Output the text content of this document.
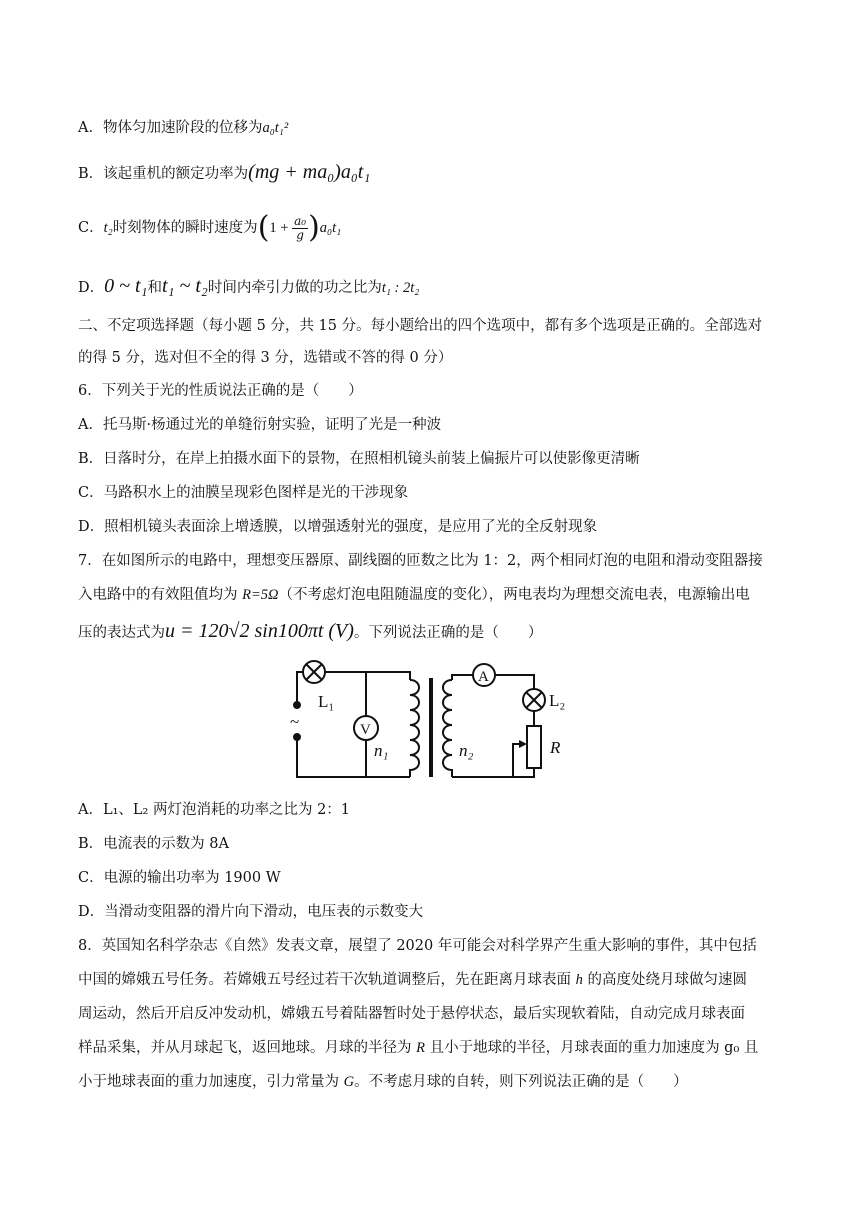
A．物体匀加速阶段的位移为a₀t₁²
B．该起重机的额定功率为(mg + ma₀)a₀t₁
C．t₂时刻物体的瞬时速度为$(1 + \frac{\text{a₀}}{g} )a_0t_1$
D．0 ~ t₁和t₁ ~ t₂时间内牵引力做的功之比为t₁ : 2t₂
二、不定项选择题（每小题 5 分，共 15 分。每小题给出的四个选项中，都有多个选项是正确的。全部选对
的得 5 分，选对但不全的得 3 分，选错或不答的得 0 分）
6．下列关于光的性质说法正确的是（　　）
A．托马斯·杨通过光的单缝衍射实验，证明了光是一种波
B．日落时分，在岸上拍摄水面下的景物，在照相机镜头前装上偏振片可以使影像更清晰
C．马路积水上的油膜呈现彩色图样是光的干涉现象
D．照相机镜头表面涂上增透膜，以增强透射光的强度，是应用了光的全反射现象
7．在如图所示的电路中，理想变压器原、副线圈的匝数之比为 1：2，两个相同灯泡的电阻和滑动变阻器接
入电路中的有效阻值均为 R=5Ω（不考虑灯泡电阻随温度的变化），两电表均为理想交流电表，电源输出电
压的表达式为u = 120√2 sin100πt (V)。下列说法正确的是（　　）
~
L₁
V
n₁	n₂
A
L₂
R
A．L₁、L₂ 两灯泡消耗的功率之比为 2：1
B．电流表的示数为 8A
C．电源的输出功率为 1900 W
D．当滑动变阻器的滑片向下滑动，电压表的示数变大
8．英国知名科学杂志《自然》发表文章，展望了 2020 年可能会对科学界产生重大影响的事件，其中包括
中国的嫦娥五号任务。若嫦娥五号经过若干次轨道调整后，先在距离月球表面 h 的高度处绕月球做匀速圆
周运动，然后开启反冲发动机，嫦娥五号着陆器暂时处于悬停状态，最后实现软着陆，自动完成月球表面
样品采集，并从月球起飞，返回地球。月球的半径为 R 且小于地球的半径，月球表面的重力加速度为 g₀ 且
小于地球表面的重力加速度，引力常量为 G。不考虑月球的自转，则下列说法正确的是（　　）
